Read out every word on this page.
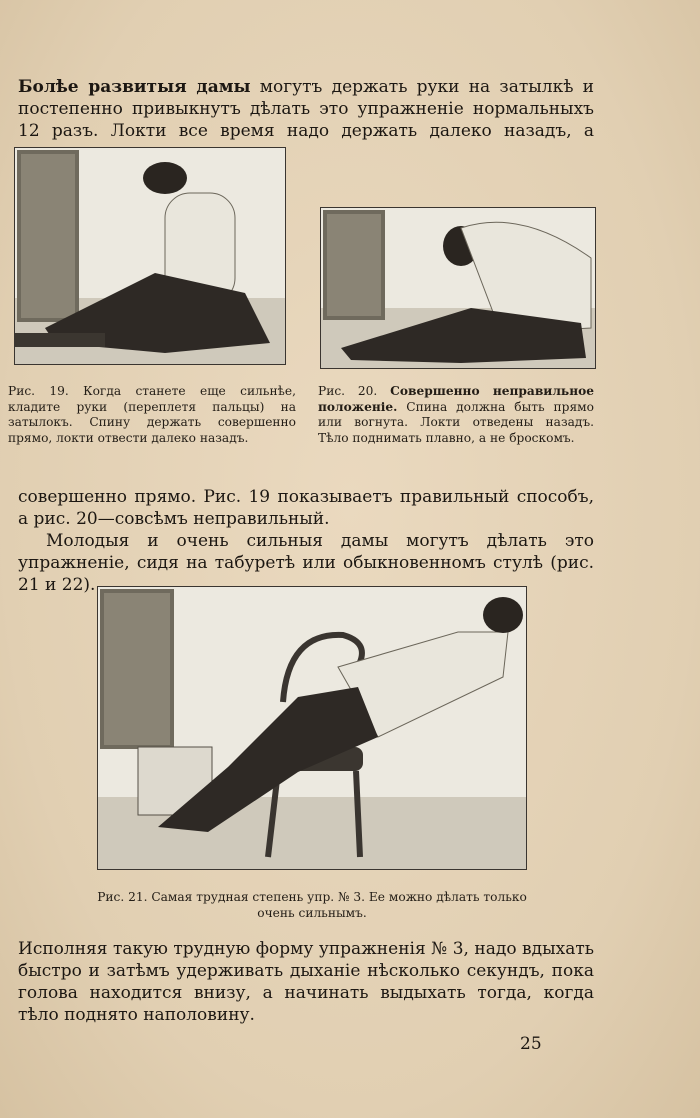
Болѣе развитыя дамы могутъ держать руки на затылкѣ и постепенно привыкнутъ дѣлать это упражненіе нормальныхъ 12 разъ. Локти все время надо держать далеко назадъ, а

Рис. 19. Когда станете еще сильнѣе, кладите руки (переплетя пальцы) на затылокъ. Спину держать совершенно прямо, локти отвести далеко назадъ.

Рис. 20. Совершенно неправильное положеніе. Спина должна быть прямо или вогнута. Локти отведены назадъ. Тѣло поднимать плавно, а не броскомъ.

совершенно прямо. Рис. 19 показываетъ правильный способъ, а рис. 20—совсѣмъ неправильный.
Молодыя и очень сильныя дамы могутъ дѣлать это упражненіе, сидя на табуретѣ или обыкновенномъ стулѣ (рис. 21 и 22).

Рис. 21. Самая трудная степень упр. № 3. Ее можно дѣлать только очень сильнымъ.

Исполняя такую трудную форму упражненія № 3, надо вдыхать быстро и затѣмъ удерживать дыханіе нѣсколько секундъ, пока голова находится внизу, а начинать выдыхать тогда, когда тѣло поднято наполовину.

25
